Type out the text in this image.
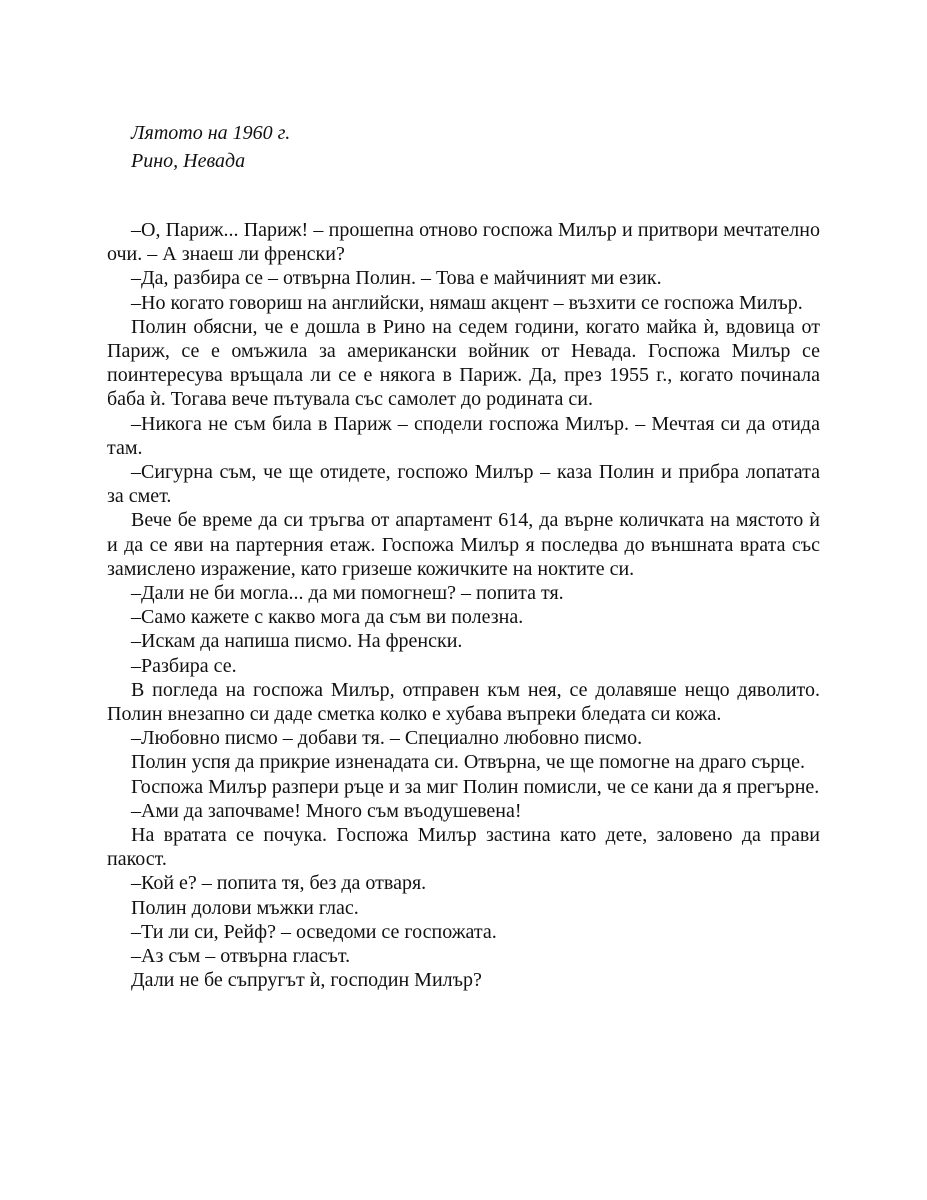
Лятото на 1960 г.

Рино, Невада

–О, Париж... Париж! – прошепна отново госпожа Милър и притвори мечтателно очи. – А знаеш ли френски?

–Да, разбира се – отвърна Полин. – Това е майчиният ми език.

–Но когато говориш на английски, нямаш акцент – възхити се госпожа Милър.

Полин обясни, че е дошла в Рино на седем години, когато майка ѝ, вдовица от Париж, се е омъжила за американски войник от Невада. Госпожа Милър се поинтересува връщала ли се е някога в Париж. Да, през 1955 г., когато починала баба ѝ. Тогава вече пътувала със самолет до родината си.

–Никога не съм била в Париж – сподели госпожа Милър. – Мечтая си да отида там.

–Сигурна съм, че ще отидете, госпожо Милър – каза Полин и прибра лопатата за смет.

Вече бе време да си тръгва от апартамент 614, да върне количката на мястото ѝ и да се яви на партерния етаж. Госпожа Милър я последва до външната врата със замислено изражение, като гризеше кожичките на ноктите си.

–Дали не би могла... да ми помогнеш? – попита тя.

–Само кажете с какво мога да съм ви полезна.

–Искам да напиша писмо. На френски.

–Разбира се.

В погледа на госпожа Милър, отправен към нея, се долавяше нещо дяволито. Полин внезапно си даде сметка колко е хубава въпреки бледата си кожа.

–Любовно писмо – добави тя. – Специално любовно писмо.

Полин успя да прикрие изненадата си. Отвърна, че ще помогне на драго сърце.

Госпожа Милър разпери ръце и за миг Полин помисли, че се кани да я прегърне.

–Ами да започваме! Много съм въодушевена!

На вратата се почука. Госпожа Милър застина като дете, заловено да прави пакост.

–Кой е? – попита тя, без да отваря.

Полин долови мъжки глас.

–Ти ли си, Рейф? – осведоми се госпожата.

–Аз съм – отвърна гласът.

Дали не бе съпругът ѝ, господин Милър?
